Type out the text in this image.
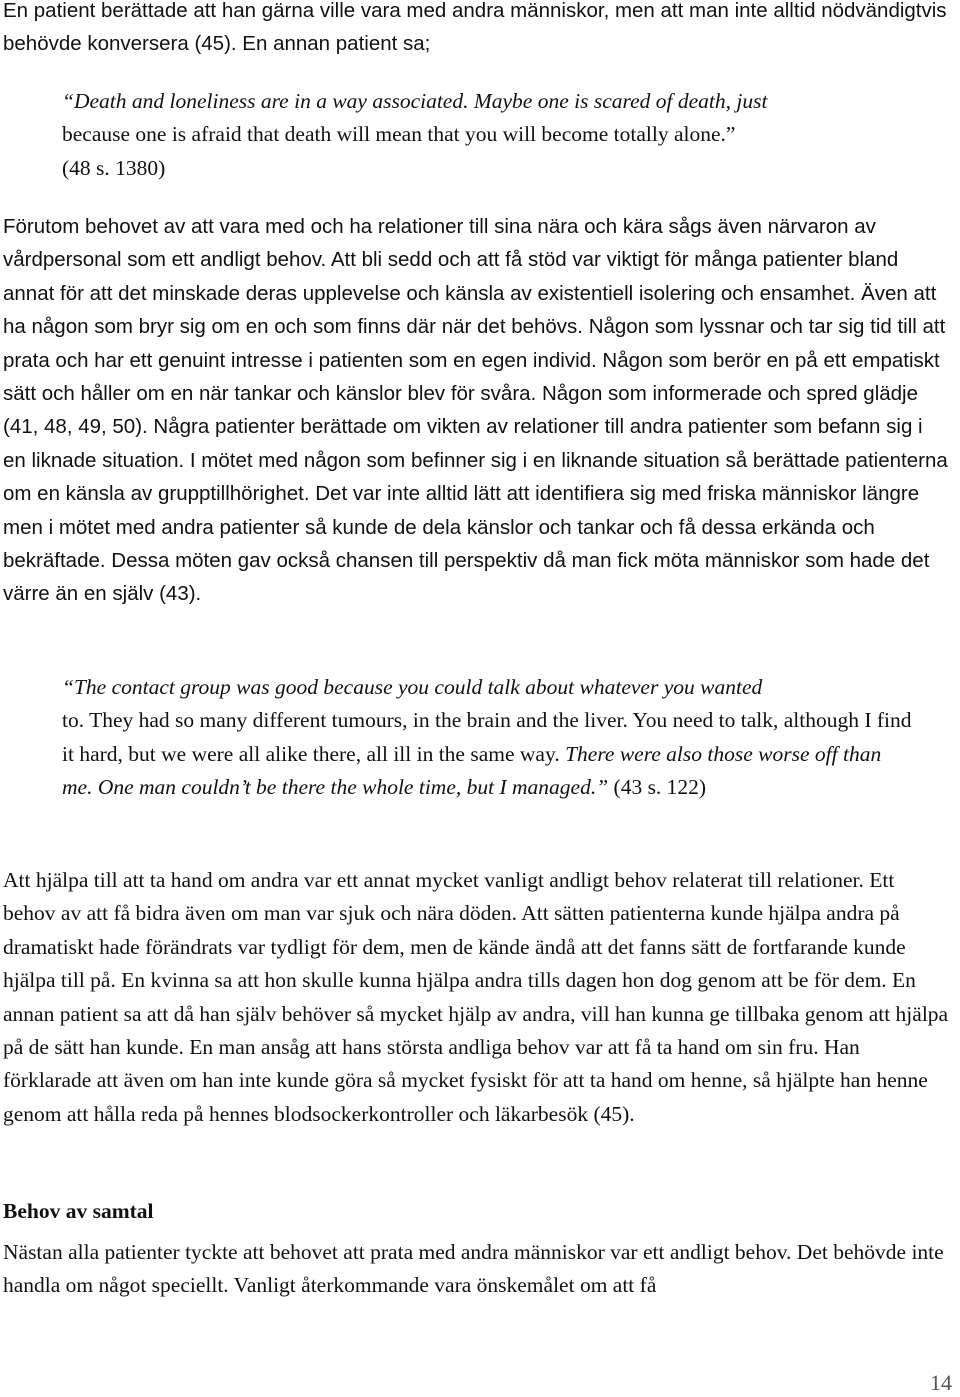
En patient berättade att han gärna ville vara med andra människor, men att man inte alltid nödvändigtvis behövde konversera (45). En annan patient sa;

“Death and loneliness are in a way associated. Maybe one is scared of death, just
because one is afraid that death will mean that you will become totally alone.”
(48 s. 1380)

Förutom behovet av att vara med och ha relationer till sina nära och kära sågs även närvaron av vårdpersonal som ett andligt behov. Att bli sedd och att få stöd var viktigt för många patienter bland annat för att det minskade deras upplevelse och känsla av existentiell isolering och ensamhet. Även att ha någon som bryr sig om en och som finns där när det behövs. Någon som lyssnar och tar sig tid till att prata och har ett genuint intresse i patienten som en egen individ. Någon som berör en på ett empatiskt sätt och håller om en när tankar och känslor blev för svåra. Någon som informerade och spred glädje (41, 48, 49, 50). Några patienter berättade om vikten av relationer till andra patienter som befann sig i en liknade situation. I mötet med någon som befinner sig i en liknande situation så berättade patienterna om en känsla av grupptillhörighet. Det var inte alltid lätt att identifiera sig med friska människor längre men i mötet med andra patienter så kunde de dela känslor och tankar och få dessa erkända och bekräftade. Dessa möten gav också chansen till perspektiv då man fick möta människor som hade det värre än en själv (43).

“The contact group was good because you could talk about whatever you wanted
to. They had so many different tumours, in the brain and the liver. You need to talk, although I find it hard, but we were all alike there, all ill in the same way. There were also those worse off than me. One man couldn’t be there the whole time, but I managed.” (43 s. 122)

Att hjälpa till att ta hand om andra var ett annat mycket vanligt andligt behov relaterat till relationer. Ett behov av att få bidra även om man var sjuk och nära döden. Att sätten patienterna kunde hjälpa andra på dramatiskt hade förändrats var tydligt för dem, men de kände ändå att det fanns sätt de fortfarande kunde hjälpa till på. En kvinna sa att hon skulle kunna hjälpa andra tills dagen hon dog genom att be för dem. En annan patient sa att då han själv behöver så mycket hjälp av andra, vill han kunna ge tillbaka genom att hjälpa på de sätt han kunde. En man ansåg att hans största andliga behov var att få ta hand om sin fru. Han förklarade att även om han inte kunde göra så mycket fysiskt för att ta hand om henne, så hjälpte han henne genom att hålla reda på hennes blodsockerkontroller och läkarbesök (45).

Behov av samtal

Nästan alla patienter tyckte att behovet att prata med andra människor var ett andligt behov. Det behövde inte handla om något speciellt. Vanligt återkommande vara önskemålet om att få

14
